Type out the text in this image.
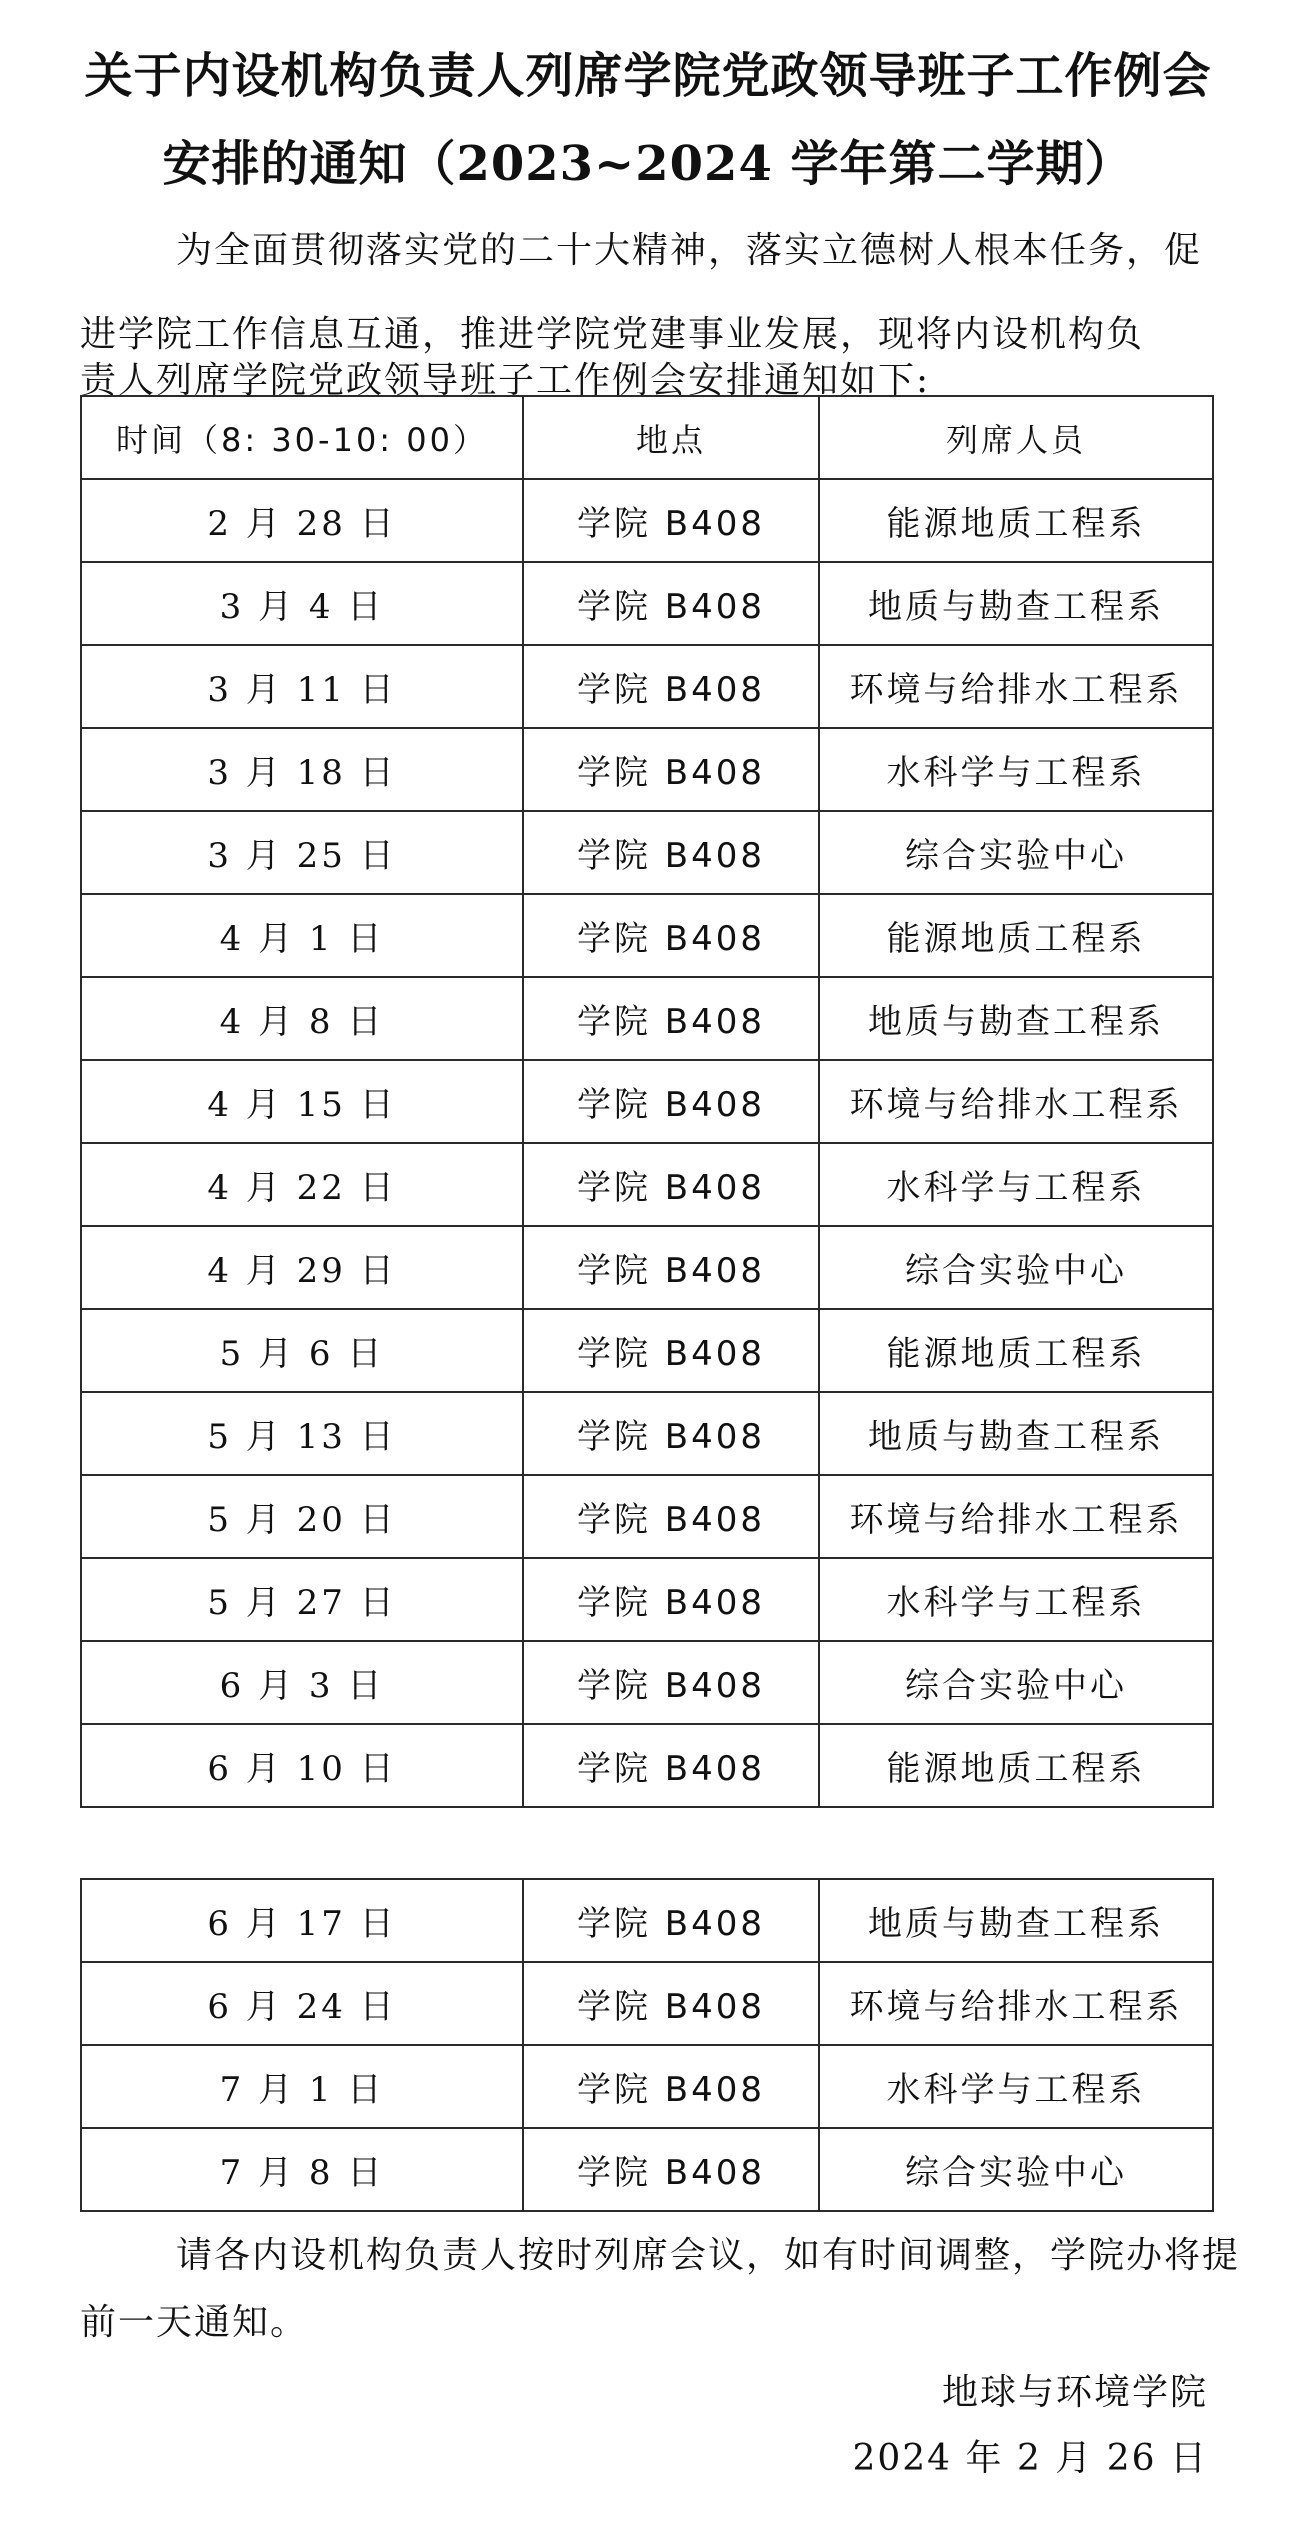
关于内设机构负责人列席学院党政领导班子工作例会
安排的通知（2023~2024 学年第二学期）
为全面贯彻落实党的二十大精神，落实立德树人根本任务，促
进学院工作信息互通，推进学院党建事业发展，现将内设机构负
责人列席学院党政领导班子工作例会安排通知如下:
时间（8: 30-10: 00）	地点	列席人员
2 月 28 日	学院 B408	能源地质工程系
3 月 4 日	学院 B408	地质与勘查工程系
3 月 11 日	学院 B408	环境与给排水工程系
3 月 18 日	学院 B408	水科学与工程系
3 月 25 日	学院 B408	综合实验中心
4 月 1 日	学院 B408	能源地质工程系
4 月 8 日	学院 B408	地质与勘查工程系
4 月 15 日	学院 B408	环境与给排水工程系
4 月 22 日	学院 B408	水科学与工程系
4 月 29 日	学院 B408	综合实验中心
5 月 6 日	学院 B408	能源地质工程系
5 月 13 日	学院 B408	地质与勘查工程系
5 月 20 日	学院 B408	环境与给排水工程系
5 月 27 日	学院 B408	水科学与工程系
6 月 3 日	学院 B408	综合实验中心
6 月 10 日	学院 B408	能源地质工程系
6 月 17 日	学院 B408	地质与勘查工程系
6 月 24 日	学院 B408	环境与给排水工程系
7 月 1 日	学院 B408	水科学与工程系
7 月 8 日	学院 B408	综合实验中心
请各内设机构负责人按时列席会议，如有时间调整，学院办将提
前一天通知。
地球与环境学院
2024 年 2 月 26 日
